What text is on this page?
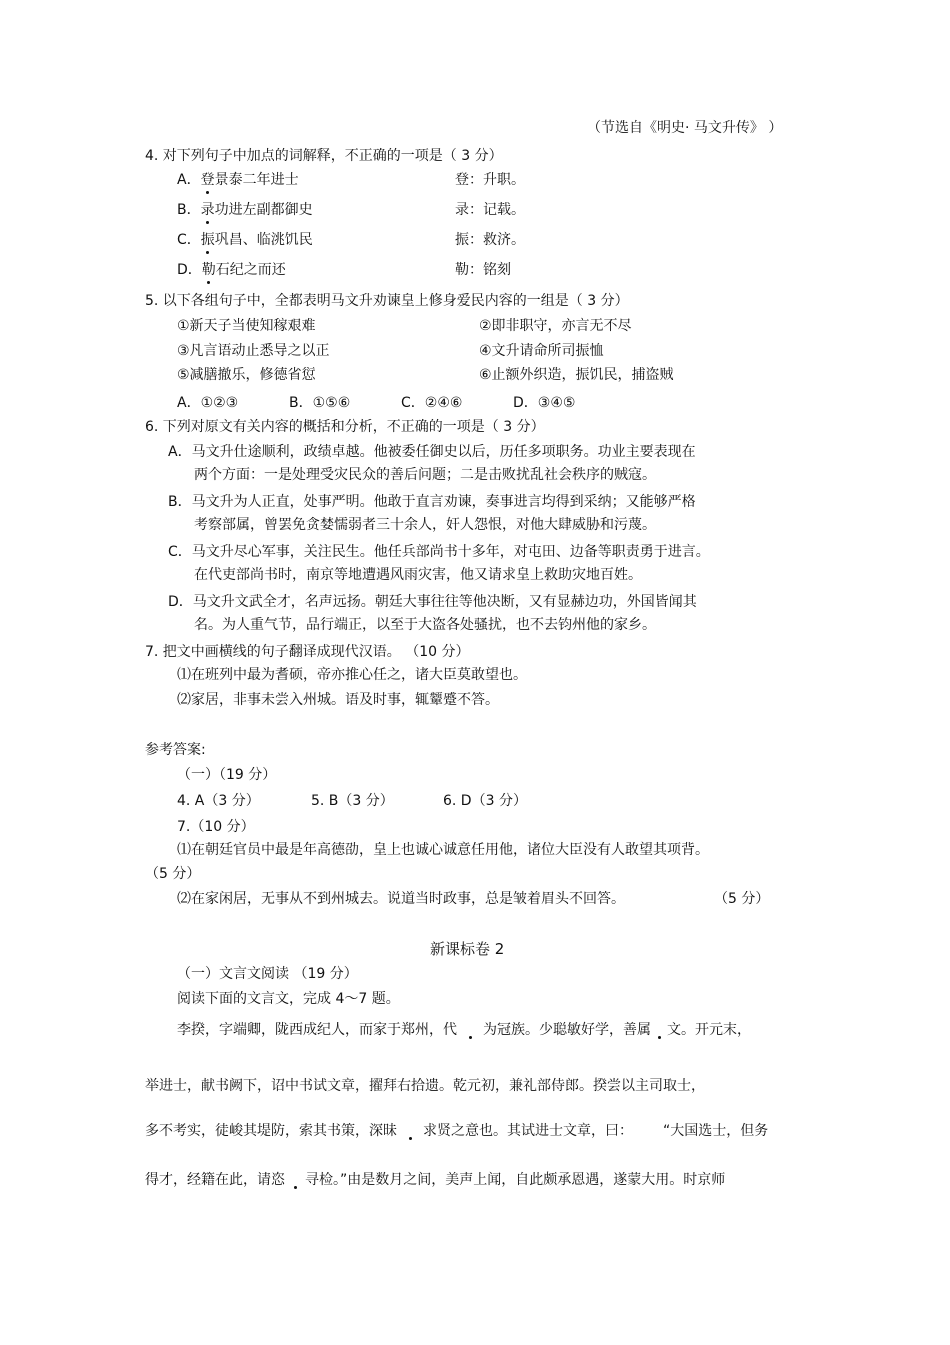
（节选自《明史· 马文升传》 ）
4. 对下列句子中加点的词解释，不正确的一项是（ 3 分）
A．登景泰二年进士	登：升职。
B．录功进左副都御史	录：记载。
C．振巩昌、临洮饥民	振：救济。
D．勒石纪之而还	勒：铭刻
5. 以下各组句子中，全都表明马文升劝谏皇上修身爱民内容的一组是（ 3 分）
①新天子当使知稼艰难	②即非职守，亦言无不尽
③凡言语动止悉导之以正	④文升请命所司振恤
⑤减膳撤乐，修德省愆	⑥止额外织造，振饥民，捕盗贼
A．①②③	B．①⑤⑥	C．②④⑥	D．③④⑤
6. 下列对原文有关内容的概括和分析，不正确的一项是（ 3 分）
A．马文升仕途顺利，政绩卓越。他被委任御史以后，历任多项职务。功业主要表现在
两个方面：一是处理受灾民众的善后问题；二是击败扰乱社会秩序的贼寇。
B．马文升为人正直，处事严明。他敢于直言劝谏，奏事进言均得到采纳；又能够严格
考察部属，曾罢免贪婪懦弱者三十余人，奸人怨恨，对他大肆威胁和污蔑。
C．马文升尽心军事，关注民生。他任兵部尚书十多年，对屯田、边备等职责勇于进言。
在代吏部尚书时，南京等地遭遇风雨灾害，他又请求皇上救助灾地百姓。
D．马文升文武全才，名声远扬。朝廷大事往往等他决断，又有显赫边功，外国皆闻其
名。为人重气节，品行端正，以至于大盗各处骚扰，也不去钧州他的家乡。
7. 把文中画横线的句子翻译成现代汉语。 （10 分）
⑴在班列中最为耆硕，帝亦推心任之，诸大臣莫敢望也。
⑵家居，非事未尝入州城。语及时事，辄颦蹙不答。
参考答案:
（一）（19 分）
4. A（3 分）	5. B（3 分）	6. D（3 分）
7.（10 分）
⑴在朝廷官员中最是年高德劭，皇上也诚心诚意任用他，诸位大臣没有人敢望其项背。
（5 分）
⑵在家闲居，无事从不到州城去。说道当时政事，总是皱着眉头不回答。	（5 分）
新课标卷 2
（一）文言文阅读 （19 分）
阅读下面的文言文，完成 4～7 题。
李揆，字端卿，陇西成纪人，而家于郑州，代 为冠族。少聪敏好学，善属 文。开元末，
举进士，献书阙下，诏中书试文章，擢拜右拾遗。乾元初，兼礼部侍郎。揆尝以主司取士，
多不考实，徒峻其堤防，索其书策，深昧 求贤之意也。其试进士文章，曰： “大国选士，但务
得才，经籍在此，请恣 寻检。”由是数月之间，美声上闻，自此颇承恩遇，遂蒙大用。时京师
